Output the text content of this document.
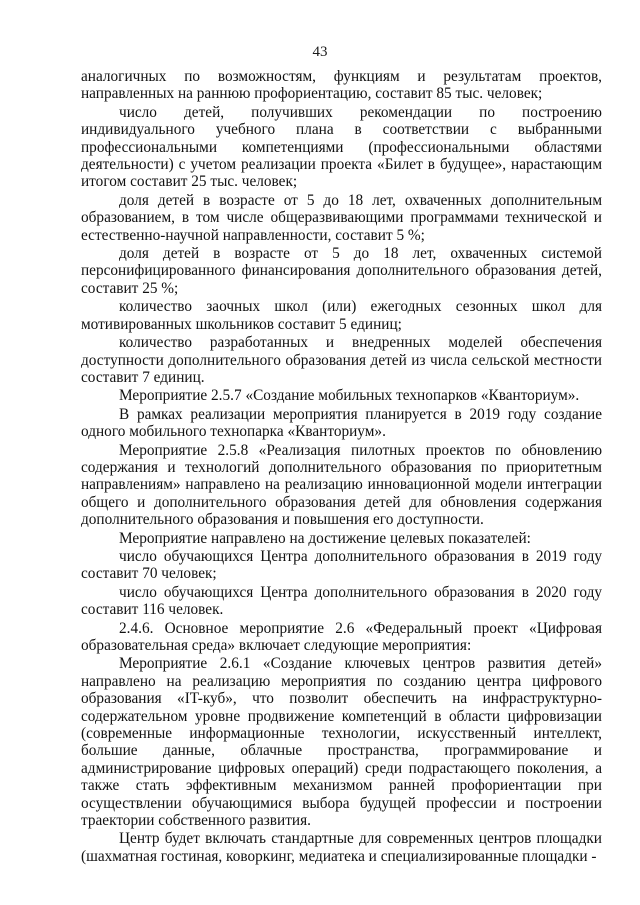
43

аналогичных по возможностям, функциям и результатам проектов, направленных на раннюю профориентацию, составит 85 тыс. человек;

число детей, получивших рекомендации по построению индивидуального учебного плана в соответствии с выбранными профессиональными компетенциями (профессиональными областями деятельности) с учетом реализации проекта «Билет в будущее», нарастающим итогом составит 25 тыс. человек;

доля детей в возрасте от 5 до 18 лет, охваченных дополнительным образованием, в том числе общеразвивающими программами технической и естественно-научной направленности, составит 5 %;

доля детей в возрасте от 5 до 18 лет, охваченных системой персонифицированного финансирования дополнительного образования детей, составит 25 %;

количество заочных школ (или) ежегодных сезонных школ для мотивированных школьников составит 5 единиц;

количество разработанных и внедренных моделей обеспечения доступности дополнительного образования детей из числа сельской местности составит 7 единиц.

Мероприятие 2.5.7 «Создание мобильных технопарков «Кванториум».

В рамках реализации мероприятия планируется в 2019 году создание одного мобильного технопарка «Кванториум».

Мероприятие 2.5.8 «Реализация пилотных проектов по обновлению содержания и технологий дополнительного образования по приоритетным направлениям» направлено на реализацию инновационной модели интеграции общего и дополнительного образования детей для обновления содержания дополнительного образования и повышения его доступности.

Мероприятие направлено на достижение целевых показателей:

число обучающихся Центра дополнительного образования в 2019 году составит 70 человек;

число обучающихся Центра дополнительного образования в 2020 году составит 116 человек.

2.4.6. Основное мероприятие 2.6 «Федеральный проект «Цифровая образовательная среда» включает следующие мероприятия:

Мероприятие 2.6.1 «Создание ключевых центров развития детей» направлено на реализацию мероприятия по созданию центра цифрового образования «IT-куб», что позволит обеспечить на инфраструктурно-содержательном уровне продвижение компетенций в области цифровизации (современные информационные технологии, искусственный интеллект, большие данные, облачные пространства, программирование и администрирование цифровых операций) среди подрастающего поколения, а также стать эффективным механизмом ранней профориентации при осуществлении обучающимися выбора будущей профессии и построении траектории собственного развития.

Центр будет включать стандартные для современных центров площадки (шахматная гостиная, коворкинг, медиатека и специализированные площадки -
